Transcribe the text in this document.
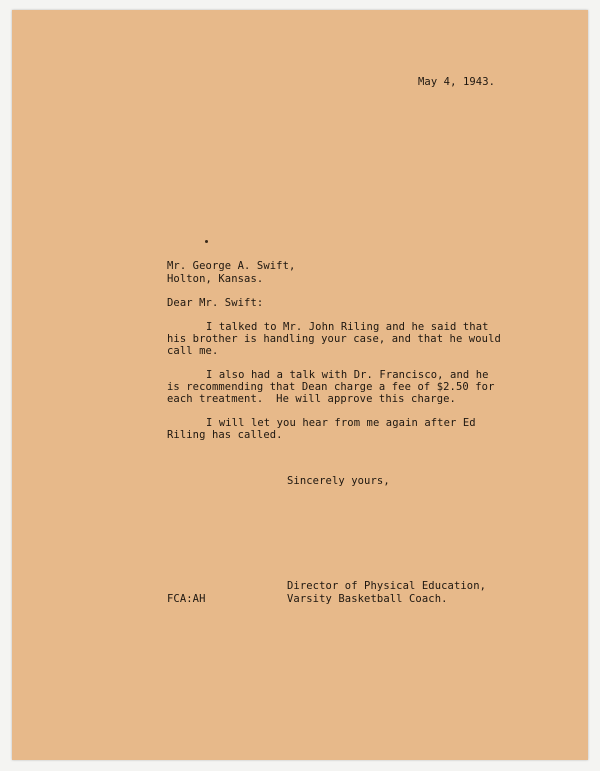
May 4, 1943.
Mr. George A. Swift,
Holton, Kansas.
Dear Mr. Swift:
I talked to Mr. John Riling and he said that
his brother is handling your case, and that he would
call me.
I also had a talk with Dr. Francisco, and he
is recommending that Dean charge a fee of $2.50 for
each treatment.  He will approve this charge.
I will let you hear from me again after Ed
Riling has called.
Sincerely yours,
FCA:AH
Director of Physical Education,
Varsity Basketball Coach.
